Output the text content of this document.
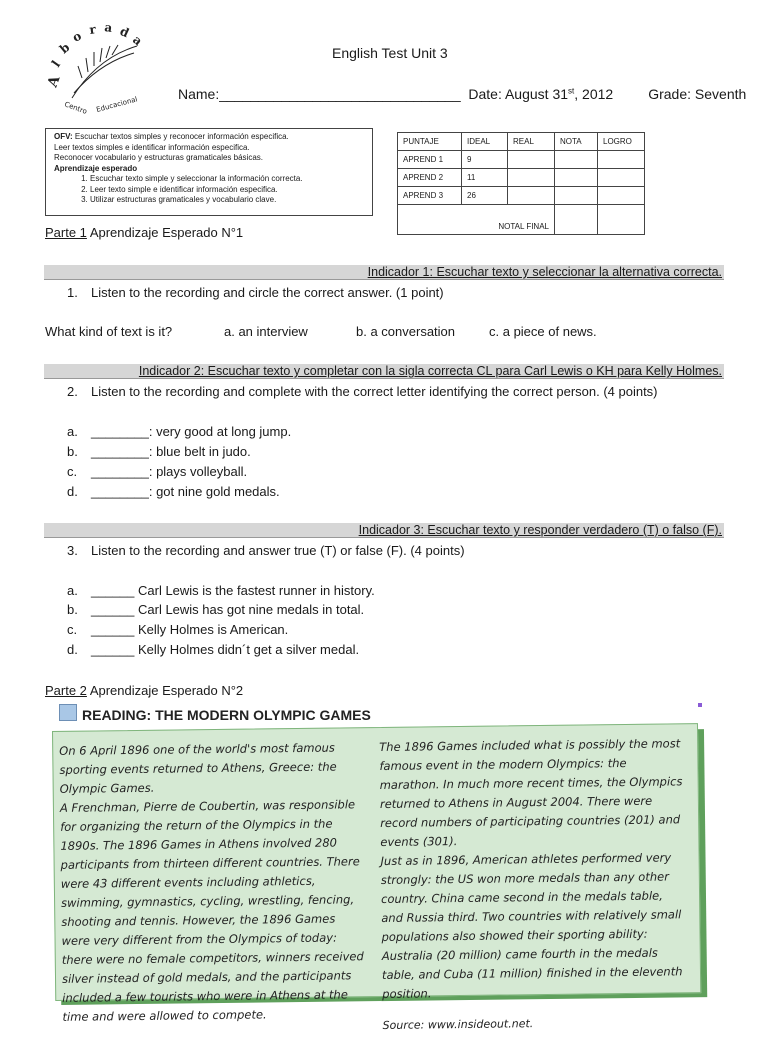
A
l
b
o r a d
a
Centro Educacional
English Test Unit 3
Name:_______________________________ Date: August 31st, 2012	Grade: Seventh
OFV: Escuchar textos simples y reconocer información especifica.
Leer textos simples e identificar información especifica.
Reconocer vocabulario y estructuras gramaticales básicas.
Aprendizaje esperado
1. Escuchar texto simple y seleccionar la información correcta.
2. Leer texto simple e identificar información especifica.
3. Utilizar estructuras gramaticales y vocabulario clave.
PUNTAJE	IDEAL	REAL	NOTA	LOGRO
APREND 1	9			
APREND 2	11			
APREND 3	26			
NOTAL FINAL				
Parte 1 Aprendizaje Esperado N°1
Indicador 1: Escuchar texto y seleccionar la alternativa correcta.
1. Listen to the recording and circle the correct answer. (1 point)
What kind of text is it?	a. an interview	b. a conversation	c. a piece of news.
Indicador 2: Escuchar texto y completar con la sigla correcta CL para Carl Lewis o KH para Kelly Holmes.
2. Listen to the recording and complete with the correct letter identifying the correct person. (4 points)
a. ________: very good at long jump.
b. ________: blue belt in judo.
c. ________: plays volleyball.
d. ________: got nine gold medals.
Indicador 3: Escuchar texto y responder verdadero (T) o falso (F).
3. Listen to the recording and answer true (T) or false (F). (4 points)
a. ______ Carl Lewis is the fastest runner in history.
b. ______ Carl Lewis has got nine medals in total.
c. ______ Kelly Holmes is American.
d. ______ Kelly Holmes didn´t get a silver medal.
Parte 2 Aprendizaje Esperado N°2
READING: THE MODERN OLYMPIC GAMES
On 6 April 1896 one of the world's most famous sporting events returned to Athens, Greece: the Olympic Games.
A Frenchman, Pierre de Coubertin, was responsible for organizing the return of the Olympics in the 1890s. The 1896 Games in Athens involved 280 participants from thirteen different countries. There were 43 different events including athletics, swimming, gymnastics, cycling, wrestling, fencing, shooting and tennis. However, the 1896 Games were very different from the Olympics of today: there were no female competitors, winners received silver instead of gold medals, and the participants included a few tourists who were in Athens at the time and were allowed to compete.
The 1896 Games included what is possibly the most famous event in the modern Olympics: the marathon. In much more recent times, the Olympics returned to Athens in August 2004. There were record numbers of participating countries (201) and events (301).
Just as in 1896, American athletes performed very strongly: the US won more medals than any other country. China came second in the medals table, and Russia third. Two countries with relatively small populations also showed their sporting ability: Australia (20 million) came fourth in the medals table, and Cuba (11 million) finished in the eleventh position.
Source: www.insideout.net.
